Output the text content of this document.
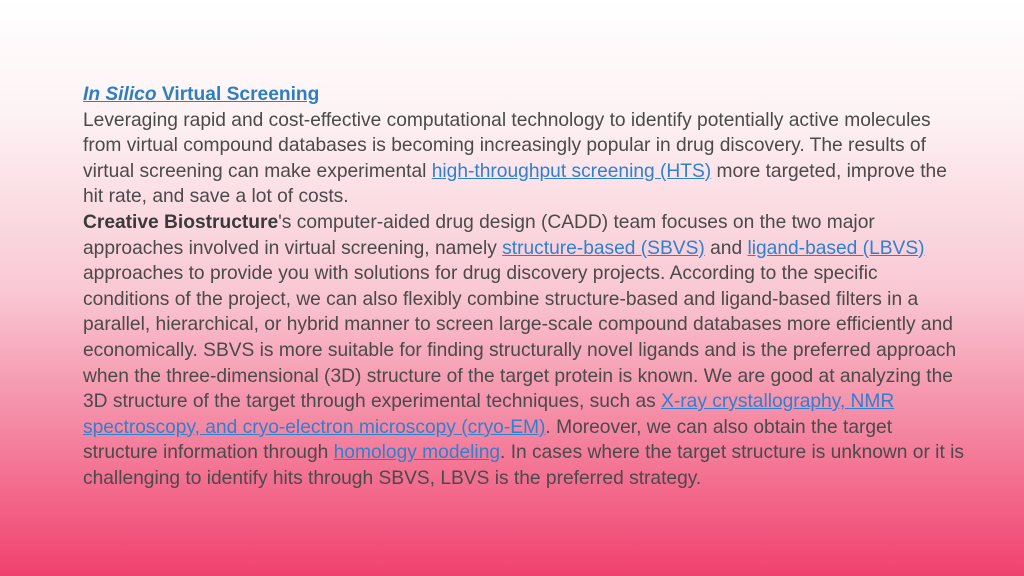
In Silico Virtual Screening

Leveraging rapid and cost-effective computational technology to identify potentially active molecules from virtual compound databases is becoming increasingly popular in drug discovery. The results of virtual screening can make experimental high-throughput screening (HTS) more targeted, improve the hit rate, and save a lot of costs.

Creative Biostructure's computer-aided drug design (CADD) team focuses on the two major approaches involved in virtual screening, namely structure-based (SBVS) and ligand-based (LBVS) approaches to provide you with solutions for drug discovery projects. According to the specific conditions of the project, we can also flexibly combine structure-based and ligand-based filters in a parallel, hierarchical, or hybrid manner to screen large-scale compound databases more efficiently and economically. SBVS is more suitable for finding structurally novel ligands and is the preferred approach when the three-dimensional (3D) structure of the target protein is known. We are good at analyzing the 3D structure of the target through experimental techniques, such as X-ray crystallography, NMR spectroscopy, and cryo-electron microscopy (cryo-EM). Moreover, we can also obtain the target structure information through homology modeling. In cases where the target structure is unknown or it is challenging to identify hits through SBVS, LBVS is the preferred strategy.
